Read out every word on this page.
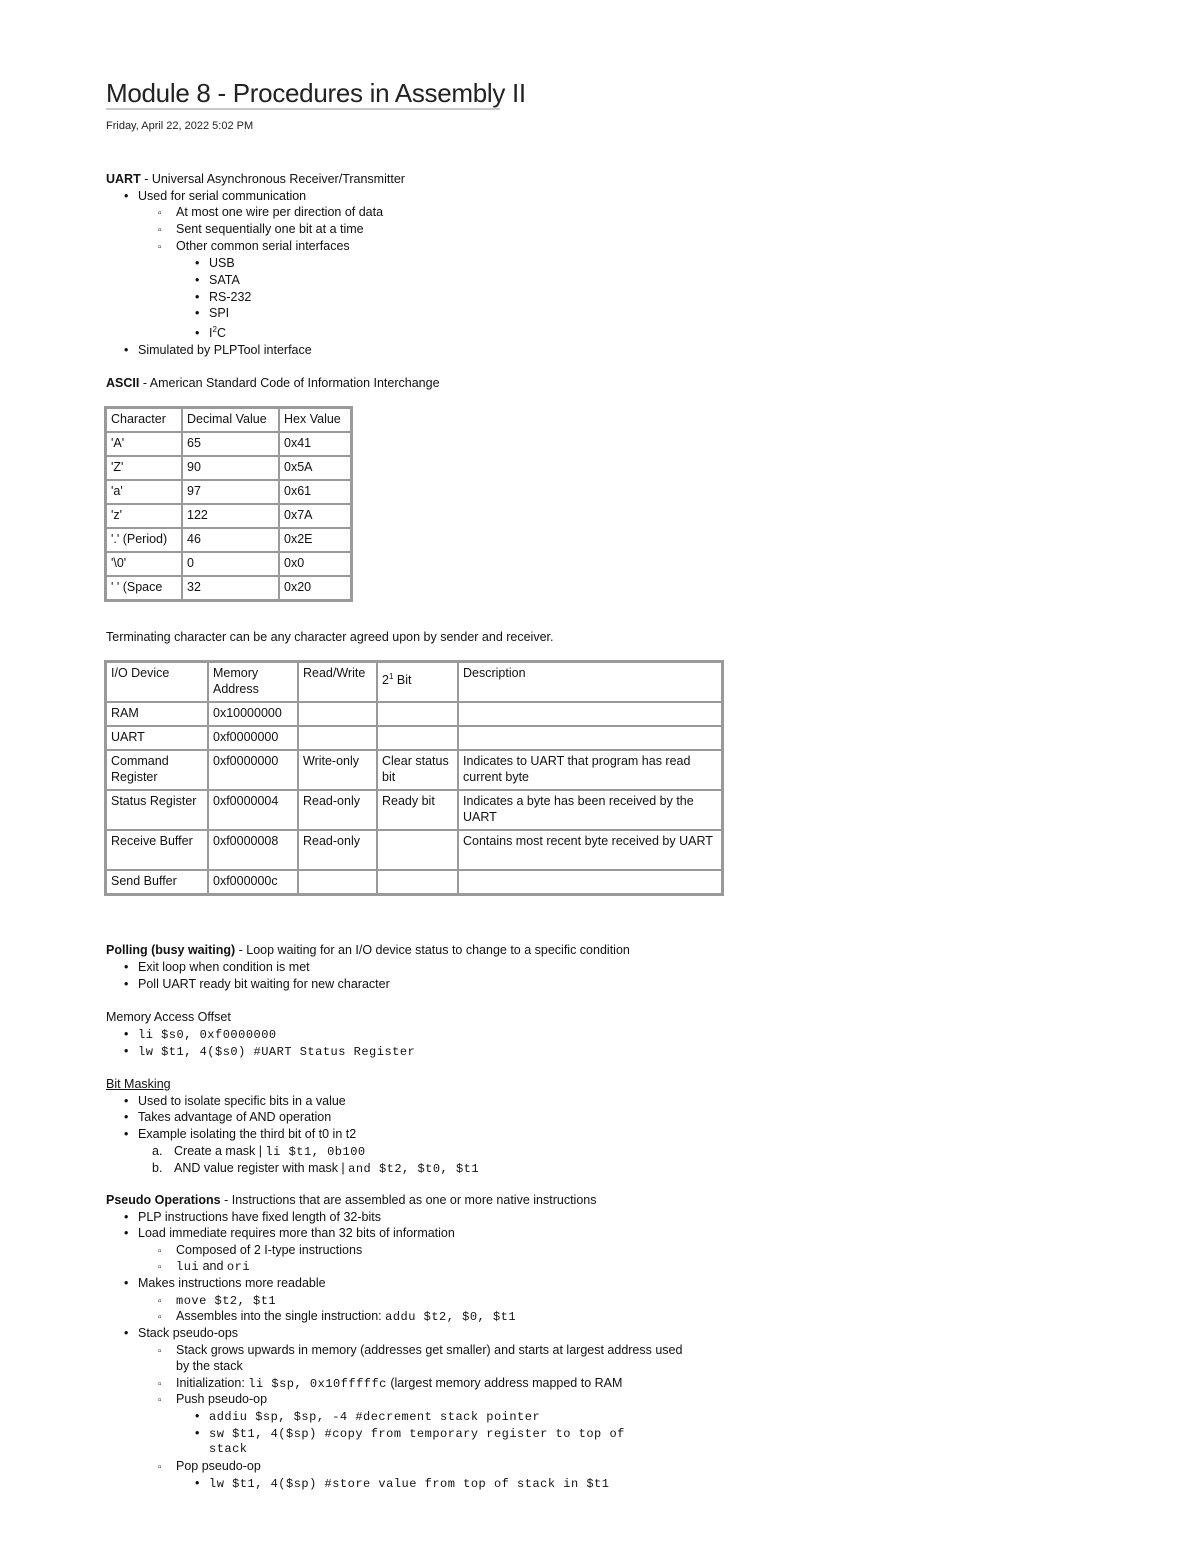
Module 8 - Procedures in Assembly II
Friday, April 22, 2022 5:02 PM
UART - Universal Asynchronous Receiver/Transmitter
• Used for serial communication
▫ At most one wire per direction of data
▫ Sent sequentially one bit at a time
▫ Other common serial interfaces
• USB
• SATA
• RS-232
• SPI
• $I^2C$
• Simulated by PLPTool interface
ASCII - American Standard Code of Information Interchange
Character	Decimal Value	Hex Value
'A'	65	0x41
'Z'	90	0x5A
'a'	97	0x61
'z'	122	0x7A
'.' (Period)	46	0x2E
'\0'	0	0x0
' ' (Space	32	0x20
Terminating character can be any character agreed upon by sender and receiver.
I/O Device	Memory Address	Read/Write	$2^1$ Bit	Description
RAM	0x10000000			
UART	0xf0000000			
Command Register	0xf0000000	Write-only	Clear status bit	Indicates to UART that program has read current byte
Status Register	0xf0000004	Read-only	Ready bit	Indicates a byte has been received by the UART
Receive Buffer	0xf0000008	Read-only		Contains most recent byte received by UART
Send Buffer	0xf000000c			
Polling (busy waiting) - Loop waiting for an I/O device status to change to a specific condition
• Exit loop when condition is met
• Poll UART ready bit waiting for new character
Memory Access Offset
• li $s0, 0xf0000000
• lw $t1, 4($s0) #UART Status Register
Bit Masking
• Used to isolate specific bits in a value
• Takes advantage of AND operation
• Example isolating the third bit of t0 in t2
a. Create a mask | li $t1, 0b100
b. AND value register with mask | and $t2, $t0, $t1
Pseudo Operations - Instructions that are assembled as one or more native instructions
• PLP instructions have fixed length of 32-bits
• Load immediate requires more than 32 bits of information
▫ Composed of 2 I-type instructions
▫ lui and ori
• Makes instructions more readable
▫ move $t2, $t1
▫ Assembles into the single instruction: addu $t2, $0, $t1
• Stack pseudo-ops
▫ Stack grows upwards in memory (addresses get smaller) and starts at largest address used
by the stack
▫ Initialization: li $sp, 0x10fffffc (largest memory address mapped to RAM
▫ Push pseudo-op
• addiu $sp, $sp, -4 #decrement stack pointer
• sw $t1, 4($sp) #copy from temporary register to top of
stack
▫ Pop pseudo-op
• lw $t1, 4($sp) #store value from top of stack in $t1
